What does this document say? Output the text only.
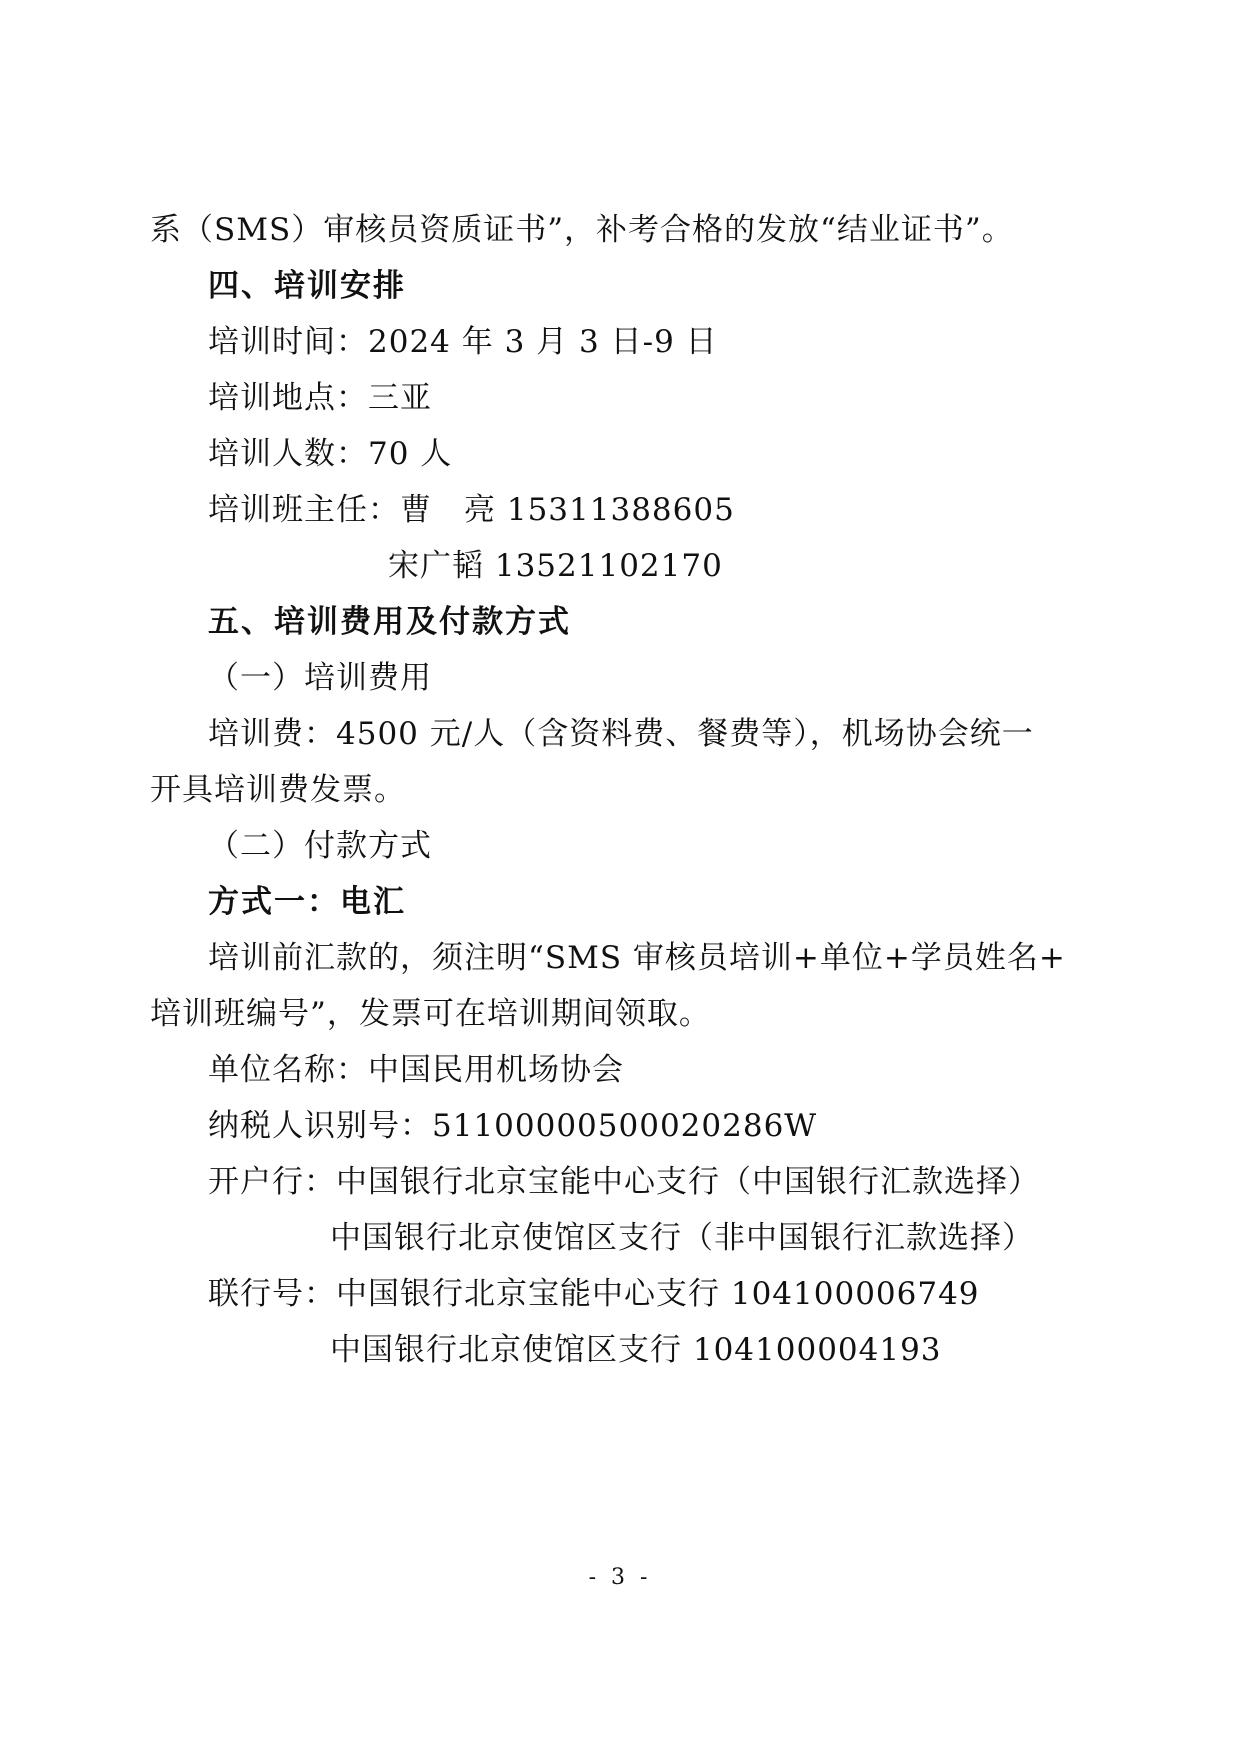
系（SMS）审核员资质证书”，补考合格的发放“结业证书”。
四、培训安排
培训时间：2024 年 3 月 3 日-9 日
培训地点：三亚
培训人数：70 人
培训班主任：曹　亮 15311388605
宋广韬 13521102170
五、培训费用及付款方式
（一）培训费用
培训费：4500 元/人（含资料费、餐费等），机场协会统一
开具培训费发票。
（二）付款方式
方式一：电汇
培训前汇款的，须注明“SMS 审核员培训+单位+学员姓名+
培训班编号”，发票可在培训期间领取。
单位名称：中国民用机场协会
纳税人识别号：51100000500020286W
开户行：中国银行北京宝能中心支行（中国银行汇款选择）
中国银行北京使馆区支行（非中国银行汇款选择）
联行号：中国银行北京宝能中心支行 104100006749
中国银行北京使馆区支行 104100004193
- 3 -
